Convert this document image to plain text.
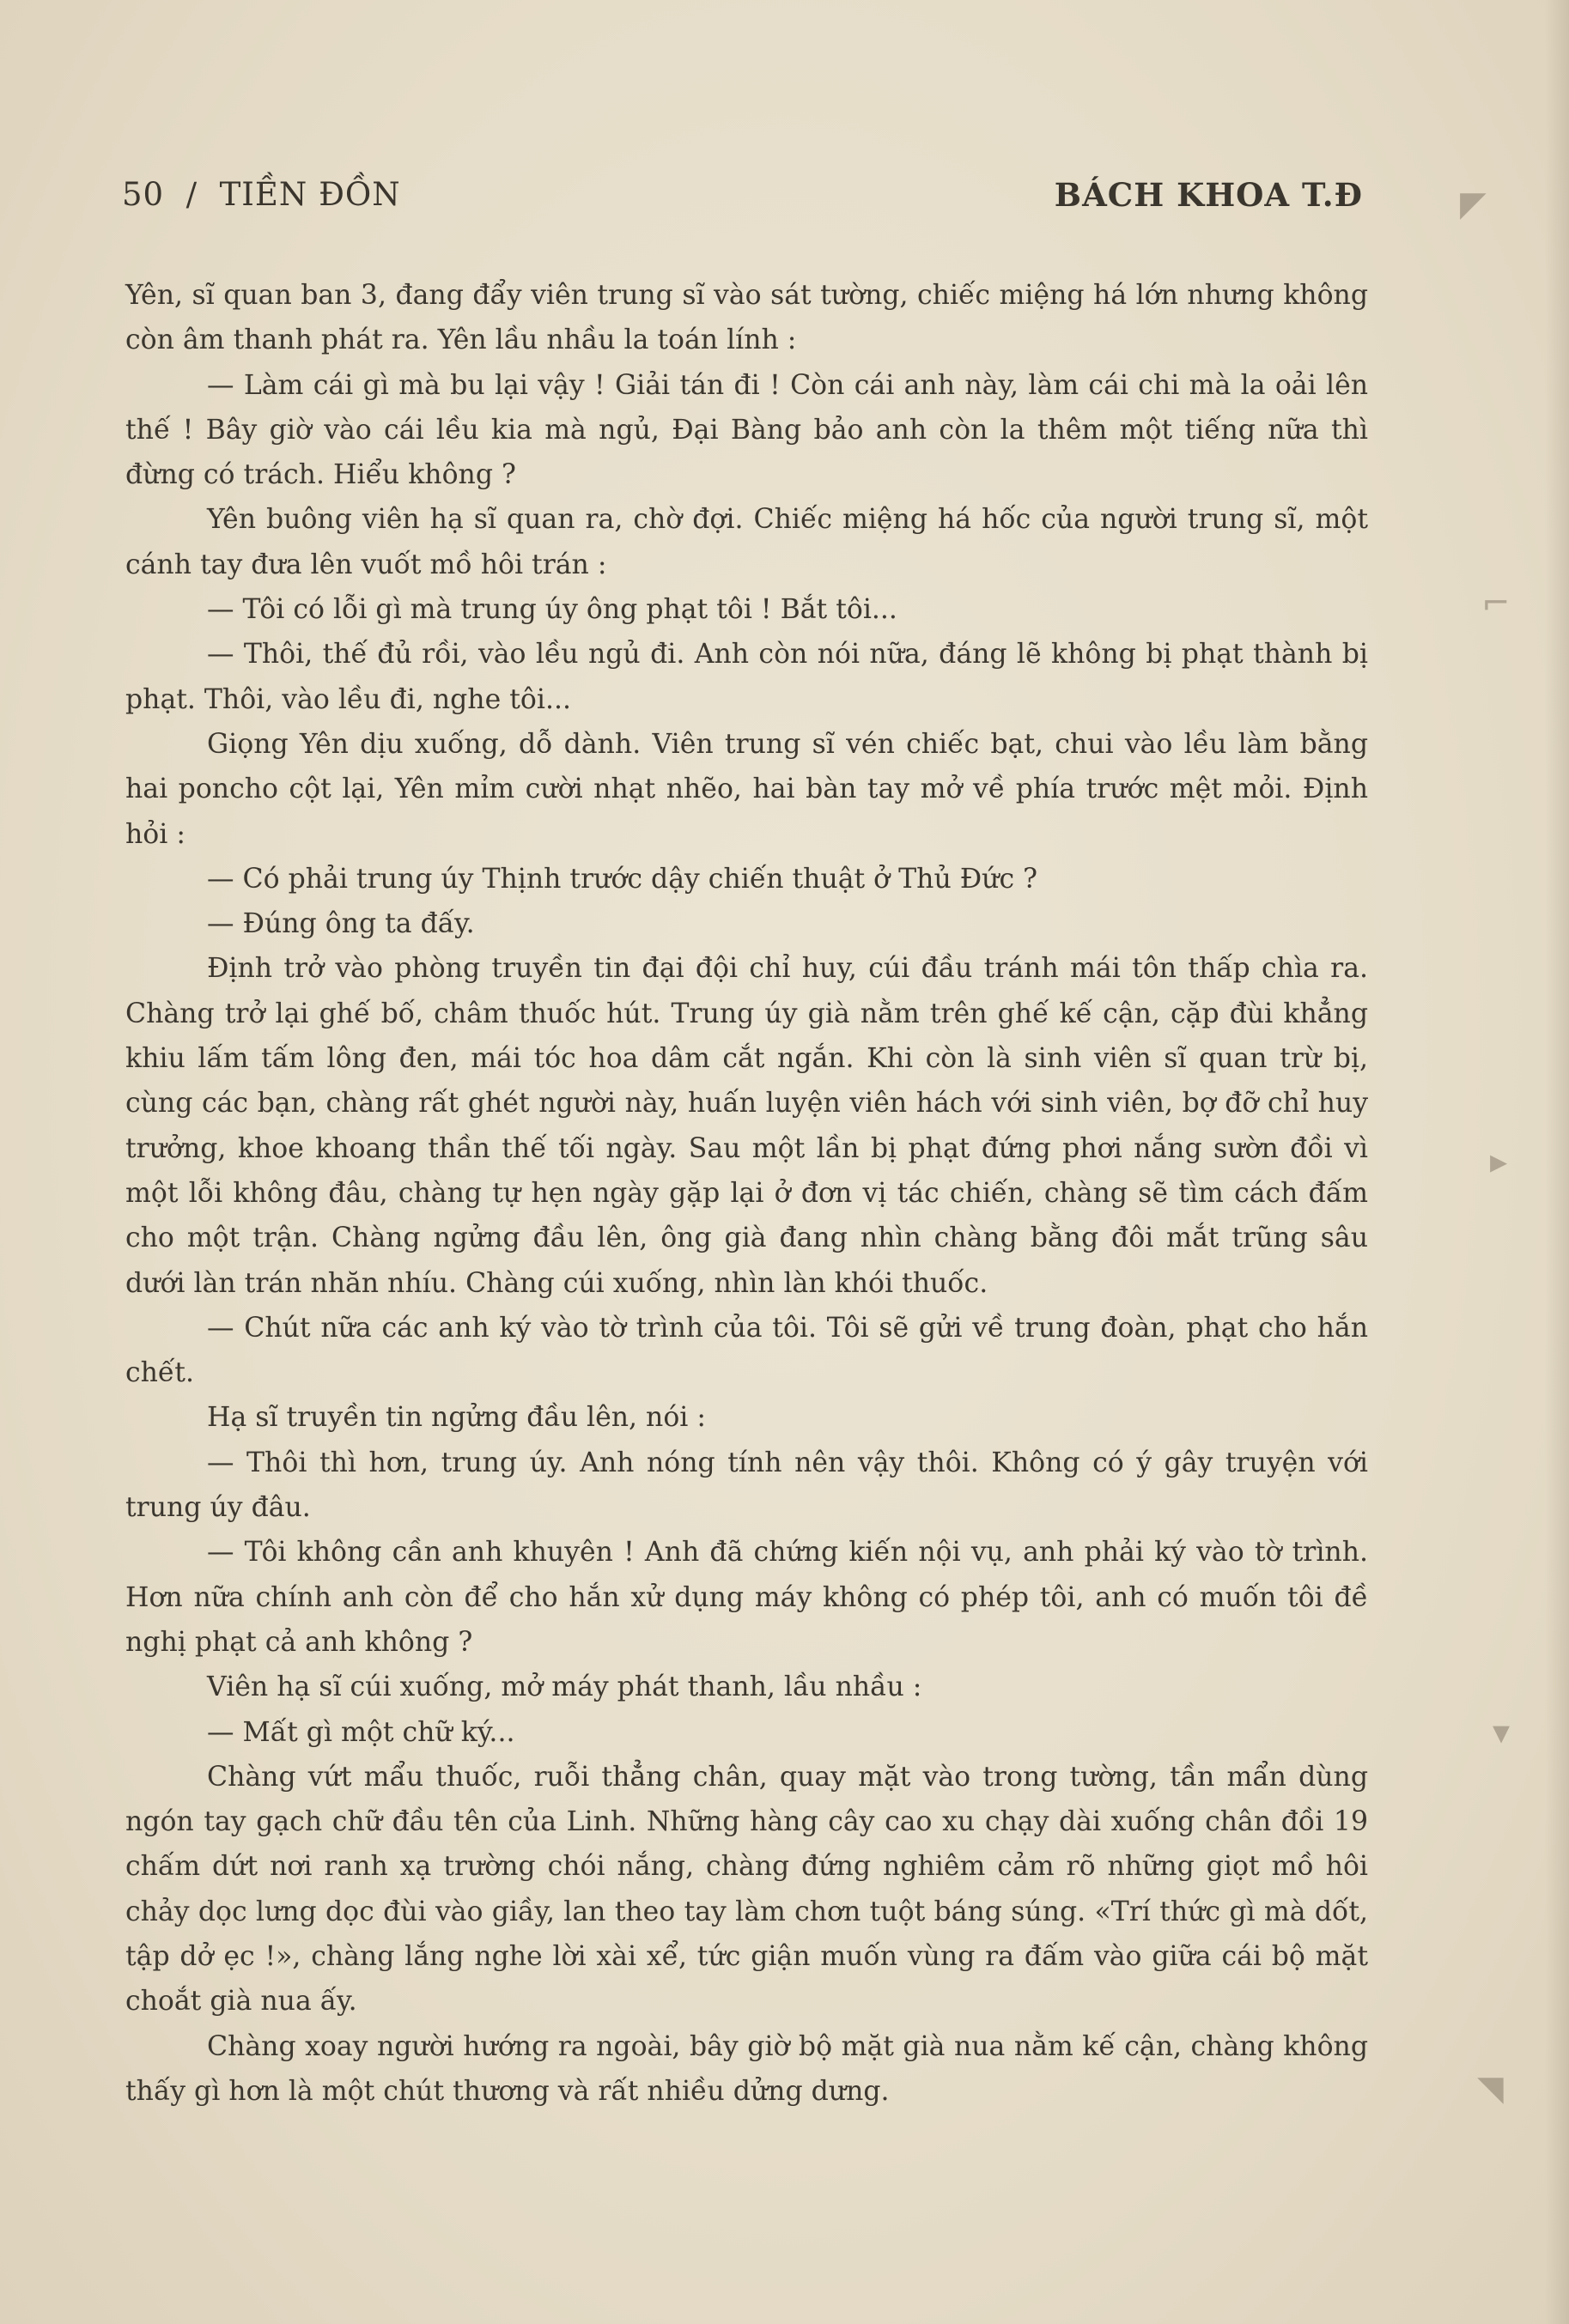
50 / TIỀN ĐỒN	BÁCH KHOA T.Đ

Yên, sĩ quan ban 3, đang đẩy viên trung sĩ vào sát tường, chiếc miệng há lớn nhưng không còn âm thanh phát ra. Yên lầu nhầu la toán lính :

— Làm cái gì mà bu lại vậy ! Giải tán đi ! Còn cái anh này, làm cái chi mà la oải lên thế ! Bây giờ vào cái lều kia mà ngủ, Đại Bàng bảo anh còn la thêm một tiếng nữa thì đừng có trách. Hiểu không ?

Yên buông viên hạ sĩ quan ra, chờ đợi. Chiếc miệng há hốc của người trung sĩ, một cánh tay đưa lên vuốt mồ hôi trán :

— Tôi có lỗi gì mà trung úy ông phạt tôi ! Bắt tôi...

— Thôi, thế đủ rồi, vào lều ngủ đi. Anh còn nói nữa, đáng lẽ không bị phạt thành bị phạt. Thôi, vào lều đi, nghe tôi...

Giọng Yên dịu xuống, dỗ dành. Viên trung sĩ vén chiếc bạt, chui vào lều làm bằng hai poncho cột lại, Yên mỉm cười nhạt nhẽo, hai bàn tay mở về phía trước mệt mỏi. Định hỏi :

— Có phải trung úy Thịnh trước dậy chiến thuật ở Thủ Đức ?

— Đúng ông ta đấy.

Định trở vào phòng truyền tin đại đội chỉ huy, cúi đầu tránh mái tôn thấp chìa ra. Chàng trở lại ghế bố, châm thuốc hút. Trung úy già nằm trên ghế kế cận, cặp đùi khẳng khiu lấm tấm lông đen, mái tóc hoa dâm cắt ngắn. Khi còn là sinh viên sĩ quan trừ bị, cùng các bạn, chàng rất ghét người này, huấn luyện viên hách với sinh viên, bợ đỡ chỉ huy trưởng, khoe khoang thần thế tối ngày. Sau một lần bị phạt đứng phơi nắng sườn đồi vì một lỗi không đâu, chàng tự hẹn ngày gặp lại ở đơn vị tác chiến, chàng sẽ tìm cách đấm cho một trận. Chàng ngửng đầu lên, ông già đang nhìn chàng bằng đôi mắt trũng sâu dưới làn trán nhăn nhíu. Chàng cúi xuống, nhìn làn khói thuốc.

— Chút nữa các anh ký vào tờ trình của tôi. Tôi sẽ gửi về trung đoàn, phạt cho hắn chết.

Hạ sĩ truyền tin ngửng đầu lên, nói :

— Thôi thì hơn, trung úy. Anh nóng tính nên vậy thôi. Không có ý gây truyện với trung úy đâu.

— Tôi không cần anh khuyên ! Anh đã chứng kiến nội vụ, anh phải ký vào tờ trình. Hơn nữa chính anh còn để cho hắn xử dụng máy không có phép tôi, anh có muốn tôi đề nghị phạt cả anh không ?

Viên hạ sĩ cúi xuống, mở máy phát thanh, lầu nhầu :

— Mất gì một chữ ký...

Chàng vứt mẩu thuốc, ruỗi thẳng chân, quay mặt vào trong tường, tần mẩn dùng ngón tay gạch chữ đầu tên của Linh. Những hàng cây cao xu chạy dài xuống chân đồi 19 chấm dứt nơi ranh xạ trường chói nắng, chàng đứng nghiêm cảm rõ những giọt mồ hôi chảy dọc lưng dọc đùi vào giầy, lan theo tay làm chơn tuột báng súng. «Trí thức gì mà dốt, tập dở ẹc !», chàng lắng nghe lời xài xể, tức giận muốn vùng ra đấm vào giữa cái bộ mặt choắt già nua ấy.

Chàng xoay người hướng ra ngoài, bây giờ bộ mặt già nua nằm kế cận, chàng không thấy gì hơn là một chút thương và rất nhiều dửng dưng.

◤
⌐
▸
▾
◥
